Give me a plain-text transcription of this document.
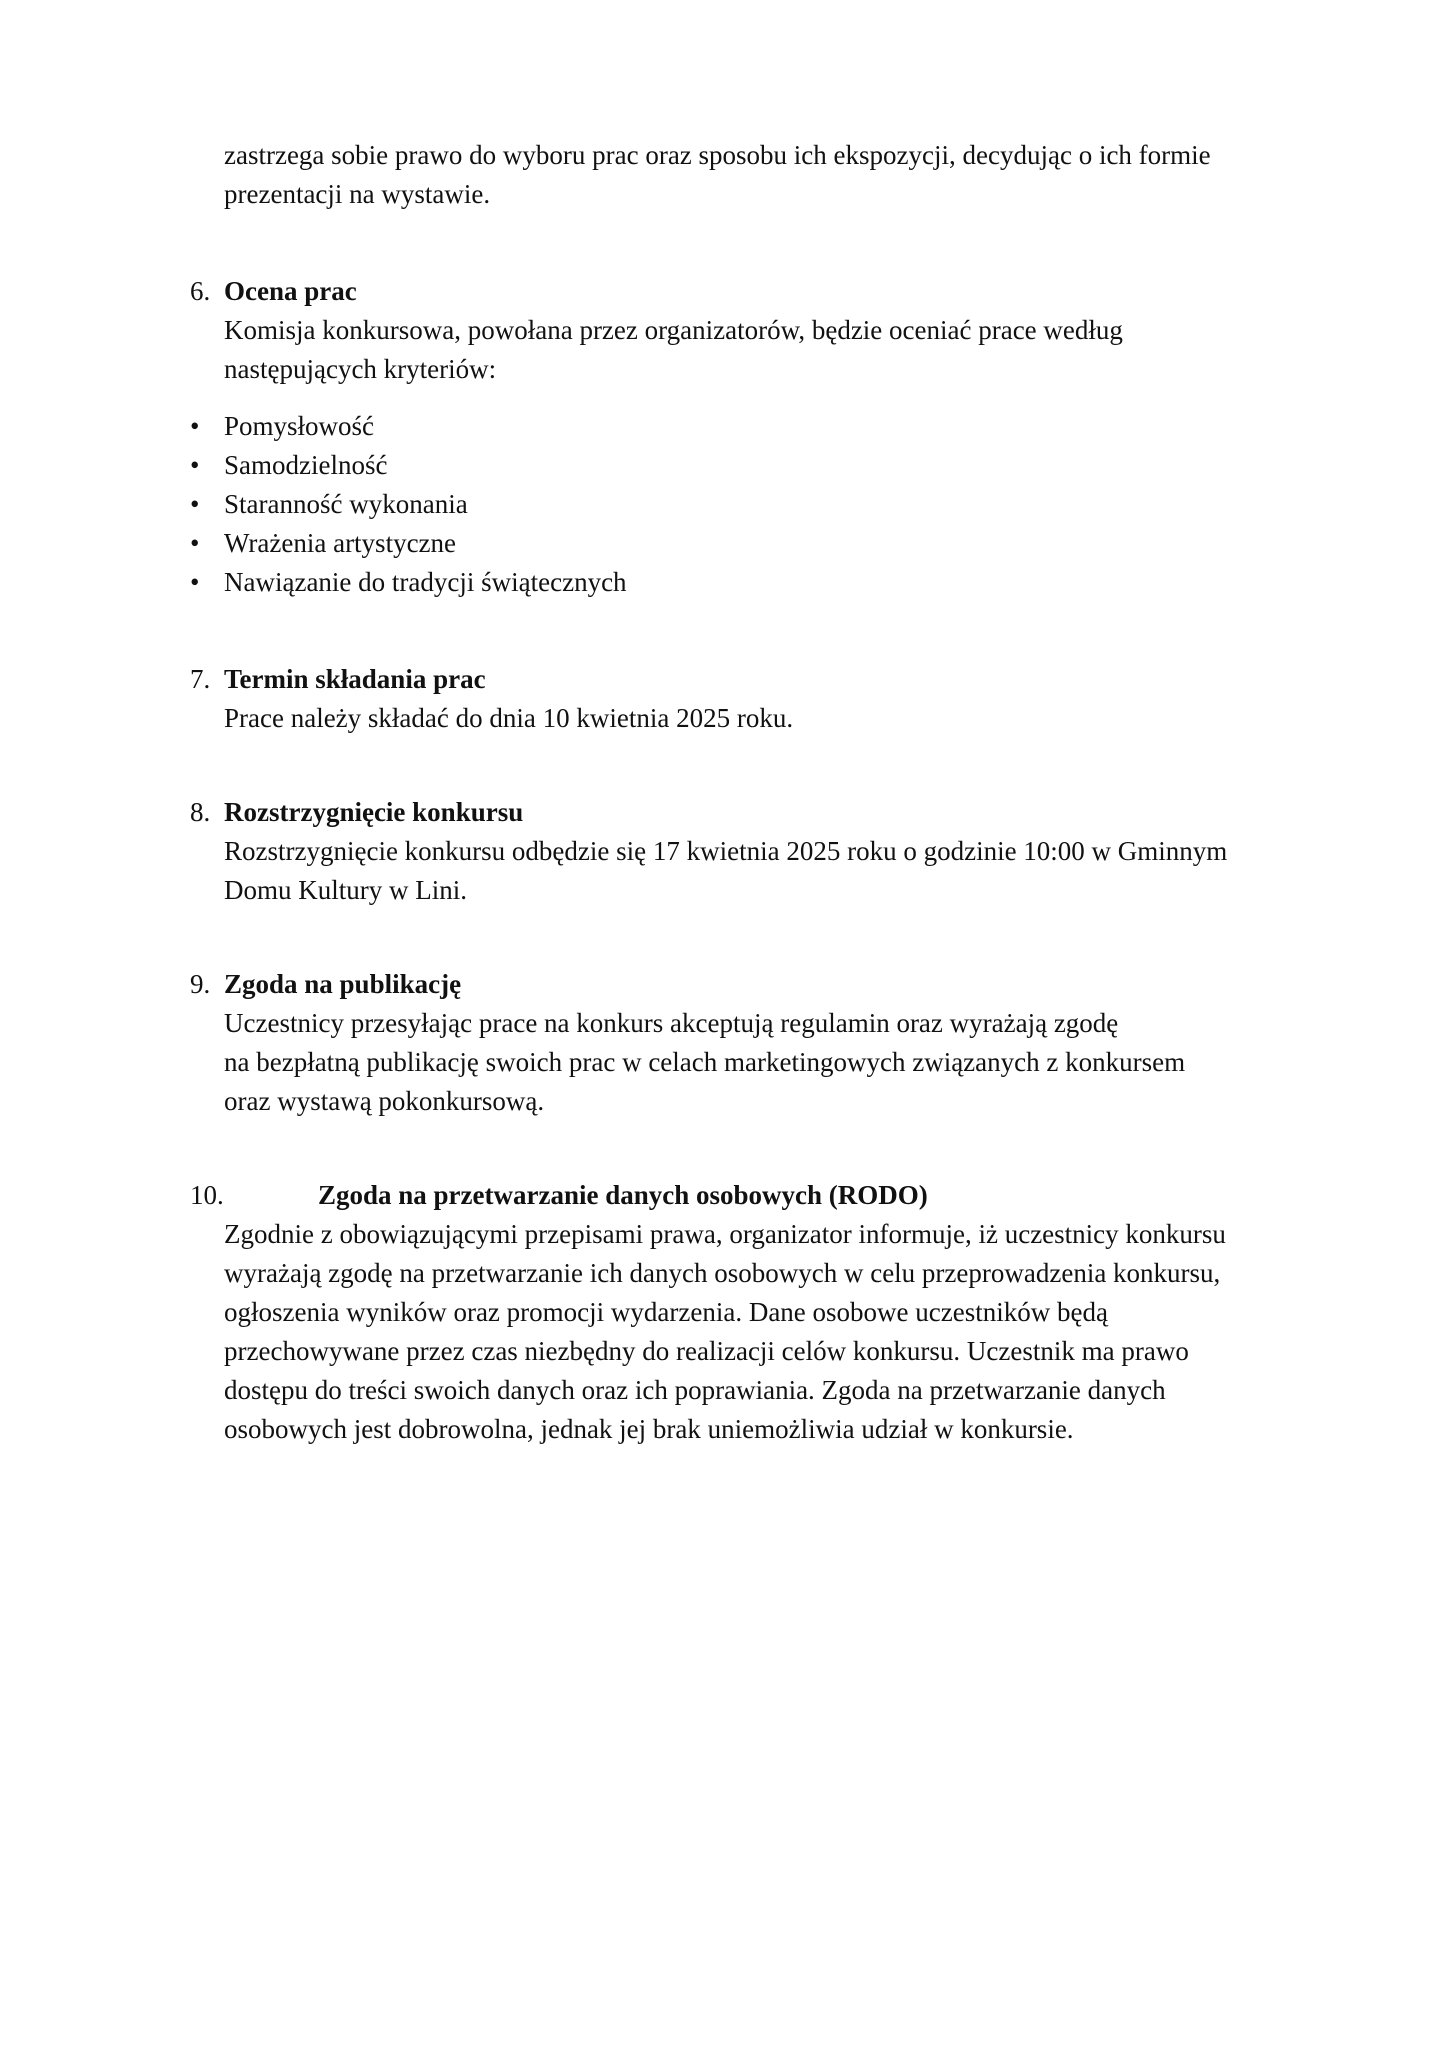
zastrzega sobie prawo do wyboru prac oraz sposobu ich ekspozycji, decydując o ich formie
prezentacji na wystawie.
6. Ocena prac
Komisja konkursowa, powołana przez organizatorów, będzie oceniać prace według
następujących kryteriów:
• Pomysłowość
• Samodzielność
• Staranność wykonania
• Wrażenia artystyczne
• Nawiązanie do tradycji świątecznych
7. Termin składania prac
Prace należy składać do dnia 10 kwietnia 2025 roku.
8. Rozstrzygnięcie konkursu
Rozstrzygnięcie konkursu odbędzie się 17 kwietnia 2025 roku o godzinie 10:00 w Gminnym
Domu Kultury w Lini.
9. Zgoda na publikację
Uczestnicy przesyłając prace na konkurs akceptują regulamin oraz wyrażają zgodę
na bezpłatną publikację swoich prac w celach marketingowych związanych z konkursem
oraz wystawą pokonkursową.
10.	Zgoda na przetwarzanie danych osobowych (RODO)
Zgodnie z obowiązującymi przepisami prawa, organizator informuje, iż uczestnicy konkursu
wyrażają zgodę na przetwarzanie ich danych osobowych w celu przeprowadzenia konkursu,
ogłoszenia wyników oraz promocji wydarzenia. Dane osobowe uczestników będą
przechowywane przez czas niezbędny do realizacji celów konkursu. Uczestnik ma prawo
dostępu do treści swoich danych oraz ich poprawiania. Zgoda na przetwarzanie danych
osobowych jest dobrowolna, jednak jej brak uniemożliwia udział w konkursie.
